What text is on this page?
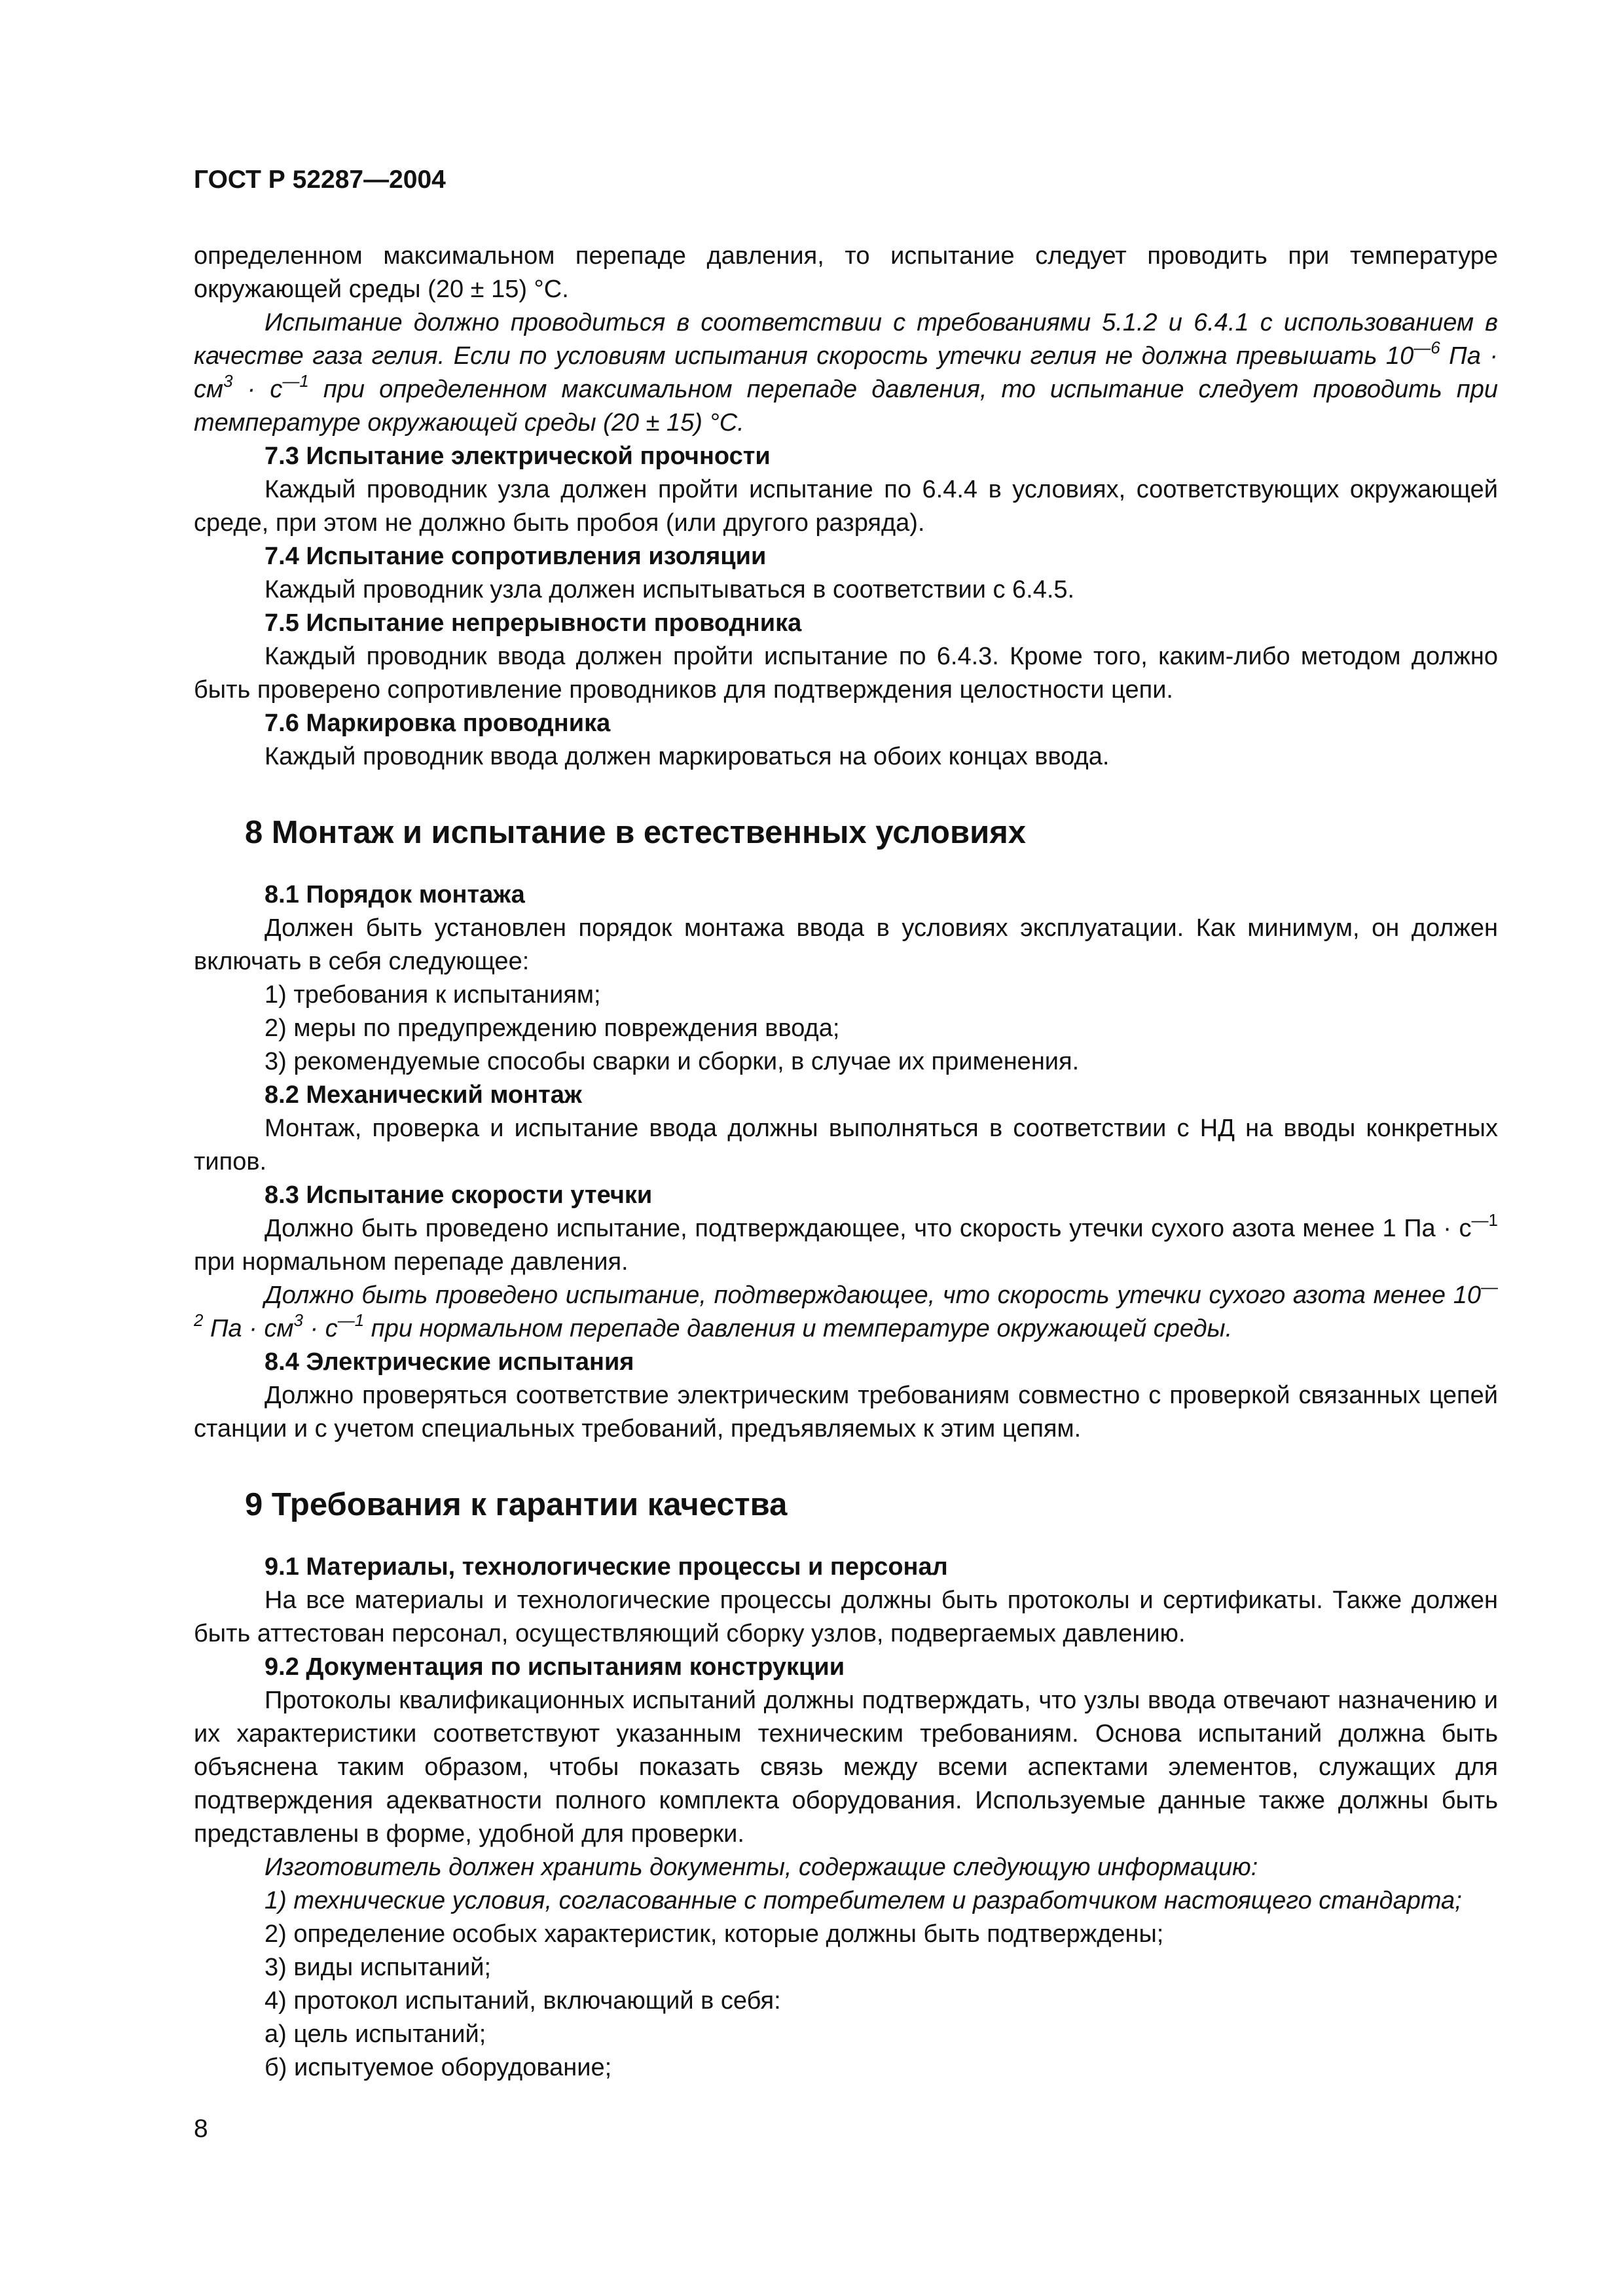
ГОСТ Р 52287—2004

определенном максимальном перепаде давления, то испытание следует проводить при температуре окружающей среды (20 ± 15) °С.

Испытание должно проводиться в соответствии с требованиями 5.1.2 и 6.4.1 с использованием в качестве газа гелия. Если по условиям испытания скорость утечки гелия не должна превышать $10^{—6}$ Па · $см^3 \cdot с^{—1}$ при определенном максимальном перепаде давления, то испытание следует проводить при температуре окружающей среды (20 ± 15) °С.

7.3 Испытание электрической прочности

Каждый проводник узла должен пройти испытание по 6.4.4 в условиях, соответствующих окружающей среде, при этом не должно быть пробоя (или другого разряда).

7.4 Испытание сопротивления изоляции

Каждый проводник узла должен испытываться в соответствии с 6.4.5.

7.5 Испытание непрерывности проводника

Каждый проводник ввода должен пройти испытание по 6.4.3. Кроме того, каким-либо методом должно быть проверено сопротивление проводников для подтверждения целостности цепи.

7.6 Маркировка проводника

Каждый проводник ввода должен маркироваться на обоих концах ввода.

8 Монтаж и испытание в естественных условиях
8.1 Порядок монтажа

Должен быть установлен порядок монтажа ввода в условиях эксплуатации. Как минимум, он должен включать в себя следующее:

1) требования к испытаниям;
2) меры по предупреждению повреждения ввода;
3) рекомендуемые способы сварки и сборки, в случае их применения.
8.2 Механический монтаж

Монтаж, проверка и испытание ввода должны выполняться в соответствии с НД на вводы конкретных типов.

8.3 Испытание скорости утечки

Должно быть проведено испытание, подтверждающее, что скорость утечки сухого азота менее 1 Па · $с^{—1}$ при нормальном перепаде давления.

Должно быть проведено испытание, подтверждающее, что скорость утечки сухого азота менее $10^{—2}$ Па · $см^3 \cdot с^{—1}$ при нормальном перепаде давления и температуре окружающей среды.

8.4 Электрические испытания

Должно проверяться соответствие электрическим требованиям совместно с проверкой связанных цепей станции и с учетом специальных требований, предъявляемых к этим цепям.

9 Требования к гарантии качества
9.1 Материалы, технологические процессы и персонал

На все материалы и технологические процессы должны быть протоколы и сертификаты. Также должен быть аттестован персонал, осуществляющий сборку узлов, подвергаемых давлению.

9.2 Документация по испытаниям конструкции

Протоколы квалификационных испытаний должны подтверждать, что узлы ввода отвечают назначению и их характеристики соответствуют указанным техническим требованиям. Основа испытаний должна быть объяснена таким образом, чтобы показать связь между всеми аспектами элементов, служащих для подтверждения адекватности полного комплекта оборудования. Используемые данные также должны быть представлены в форме, удобной для проверки.

Изготовитель должен хранить документы, содержащие следующую информацию:

1) технические условия, согласованные с потребителем и разработчиком настоящего стандарта;

2) определение особых характеристик, которые должны быть подтверждены;
3) виды испытаний;
4) протокол испытаний, включающий в себя:
а) цель испытаний;
б) испытуемое оборудование;
8
